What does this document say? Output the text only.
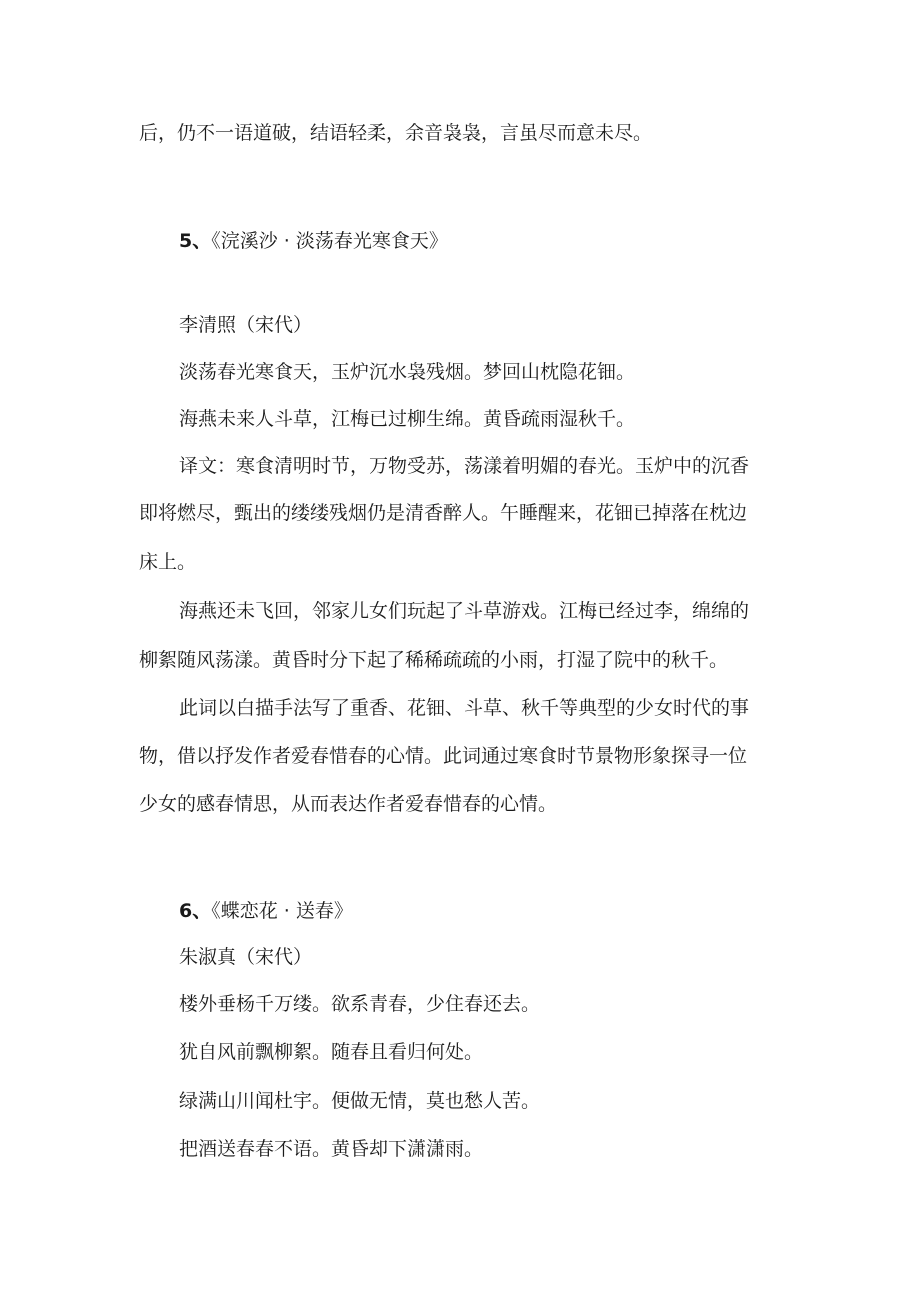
后，仍不一语道破，结语轻柔，余音袅袅，言虽尽而意未尽。

5、《浣溪沙 · 淡荡春光寒食天》

李清照（宋代）

淡荡春光寒食天，玉炉沉水袅残烟。梦回山枕隐花钿。

海燕未来人斗草，江梅已过柳生绵。黄昏疏雨湿秋千。

译文：寒食清明时节，万物受苏，荡漾着明媚的春光。玉炉中的沉香

即将燃尽，甄出的缕缕残烟仍是清香醉人。午睡醒来，花钿已掉落在枕边

床上。

海燕还未飞回，邻家儿女们玩起了斗草游戏。江梅已经过李，绵绵的

柳絮随风荡漾。黄昏时分下起了稀稀疏疏的小雨，打湿了院中的秋千。

此词以白描手法写了重香、花钿、斗草、秋千等典型的少女时代的事

物，借以抒发作者爱春惜春的心情。此词通过寒食时节景物形象探寻一位

少女的感春情思，从而表达作者爱春惜春的心情。

6、《蝶恋花 · 送春》

朱淑真（宋代）

楼外垂杨千万缕。欲系青春，少住春还去。

犹自风前飘柳絮。随春且看归何处。

绿满山川闻杜宇。便做无情，莫也愁人苦。

把酒送春春不语。黄昏却下潇潇雨。
